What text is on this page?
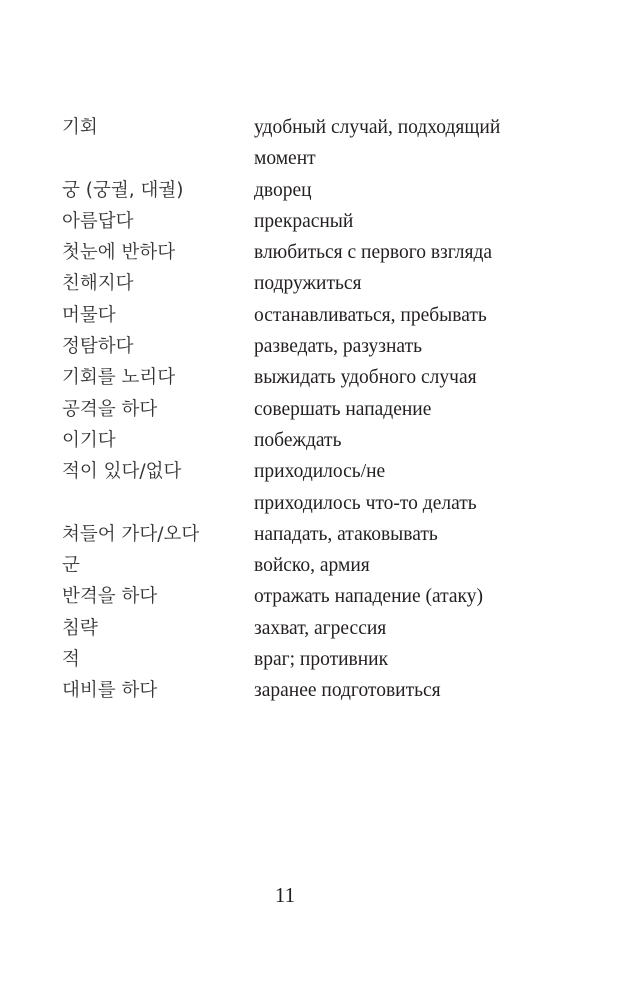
기회	удобный случай, подходящий момент
궁 (궁궐, 대궐)	дворец
아름답다	прекрасный
첫눈에 반하다	влюбиться с первого взгляда
친해지다	подружиться
머물다	останавливаться, пребывать
정탐하다	разведать, разузнать
기회를 노리다	выжидать удобного случая
공격을 하다	совершать нападение
이기다	побеждать
적이 있다/없다	приходилось/не приходилось что-то делать
쳐들어 가다/오다	нападать, атаковывать
군	войско, армия
반격을 하다	отражать нападение (атаку)
침략	захват, агрессия
적	враг; противник
대비를 하다	заранее подготовиться
11
